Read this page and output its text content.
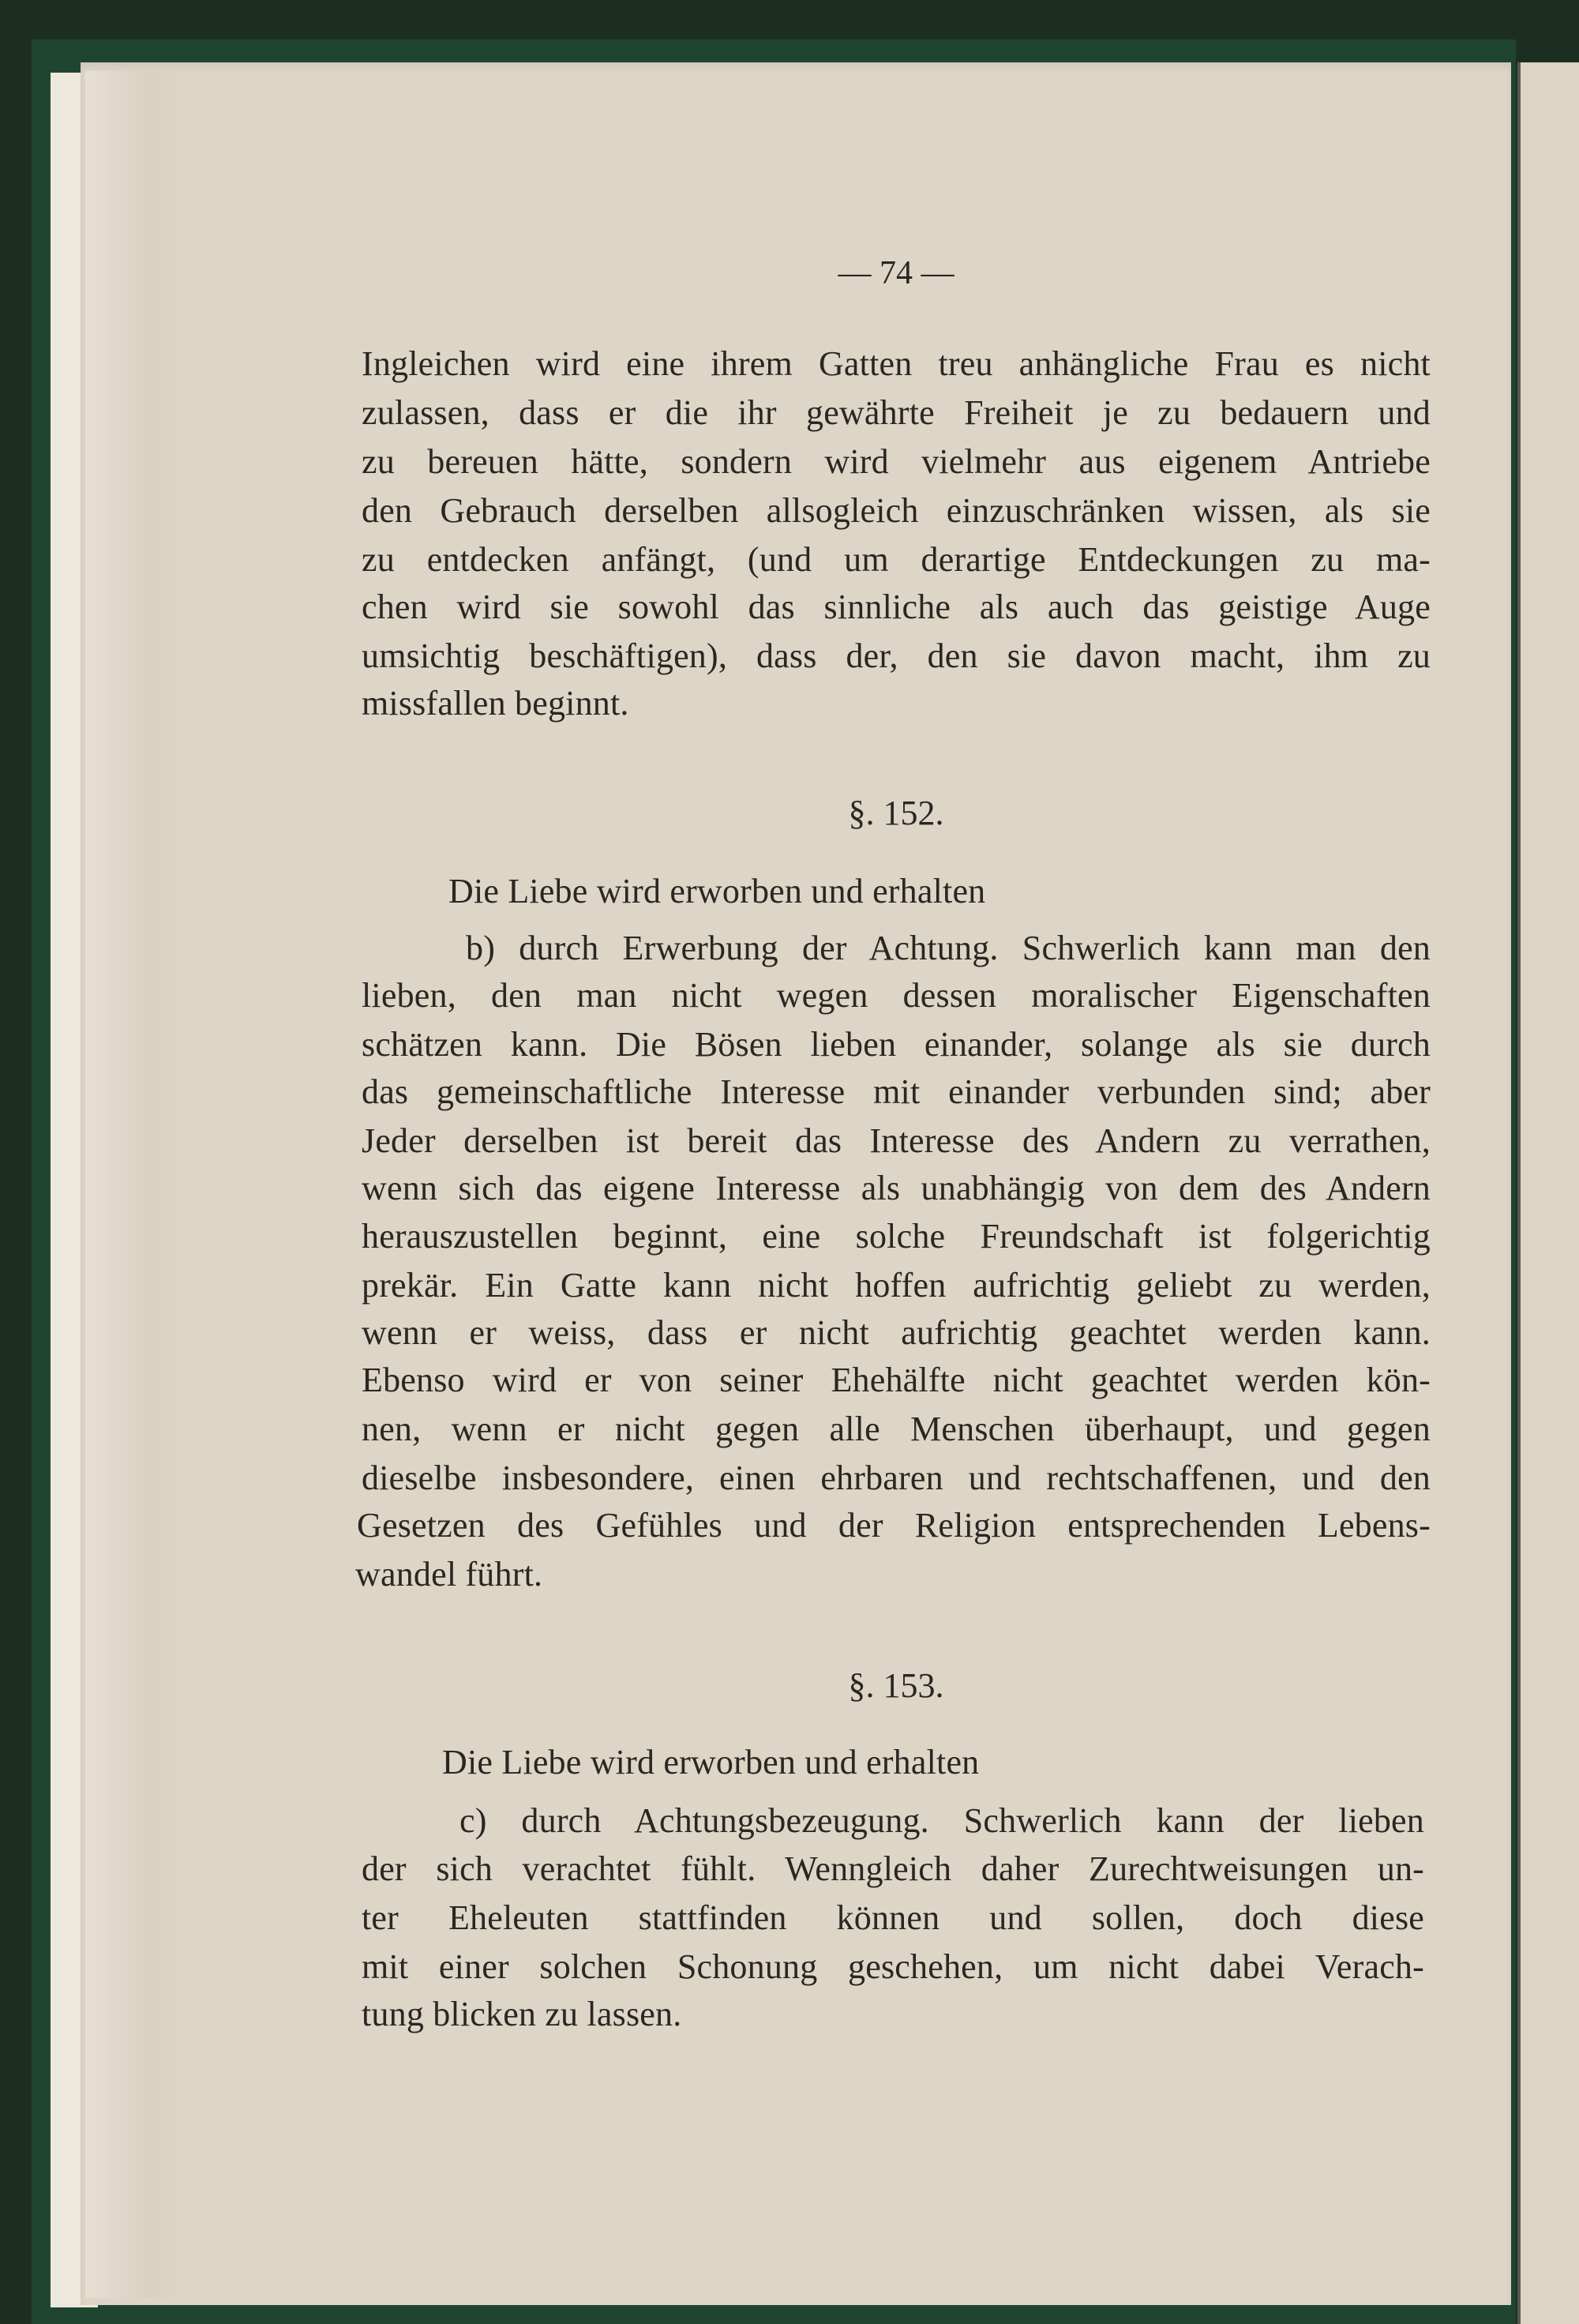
— 74 —
Ingleichen wird eine ihrem Gatten treu anhängliche Frau es nicht
zulassen, dass er die ihr gewährte Freiheit je zu bedauern und
zu bereuen hätte, sondern wird vielmehr aus eigenem Antriebe
den Gebrauch derselben allsogleich einzuschränken wissen, als sie
zu entdecken anfängt, (und um derartige Entdeckungen zu ma-
chen wird sie sowohl das sinnliche als auch das geistige Auge
umsichtig beschäftigen), dass der, den sie davon macht, ihm zu
missfallen beginnt.
§. 152.
Die Liebe wird erworben und erhalten
b) durch Erwerbung der Achtung. Schwerlich kann man den
lieben, den man nicht wegen dessen moralischer Eigenschaften
schätzen kann. Die Bösen lieben einander, solange als sie durch
das gemeinschaftliche Interesse mit einander verbunden sind; aber
Jeder derselben ist bereit das Interesse des Andern zu verrathen,
wenn sich das eigene Interesse als unabhängig von dem des Andern
herauszustellen beginnt, eine solche Freundschaft ist folgerichtig
prekär. Ein Gatte kann nicht hoffen aufrichtig geliebt zu werden,
wenn er weiss, dass er nicht aufrichtig geachtet werden kann.
Ebenso wird er von seiner Ehehälfte nicht geachtet werden kön-
nen, wenn er nicht gegen alle Menschen überhaupt, und gegen
dieselbe insbesondere, einen ehrbaren und rechtschaffenen, und den
Gesetzen des Gefühles und der Religion entsprechenden Lebens-
wandel führt.
§. 153.
Die Liebe wird erworben und erhalten
c) durch Achtungsbezeugung. Schwerlich kann der lieben
der sich verachtet fühlt. Wenngleich daher Zurechtweisungen un-
ter Eheleuten stattfinden können und sollen, doch diese
mit einer solchen Schonung geschehen, um nicht dabei Verach-
tung blicken zu lassen.
